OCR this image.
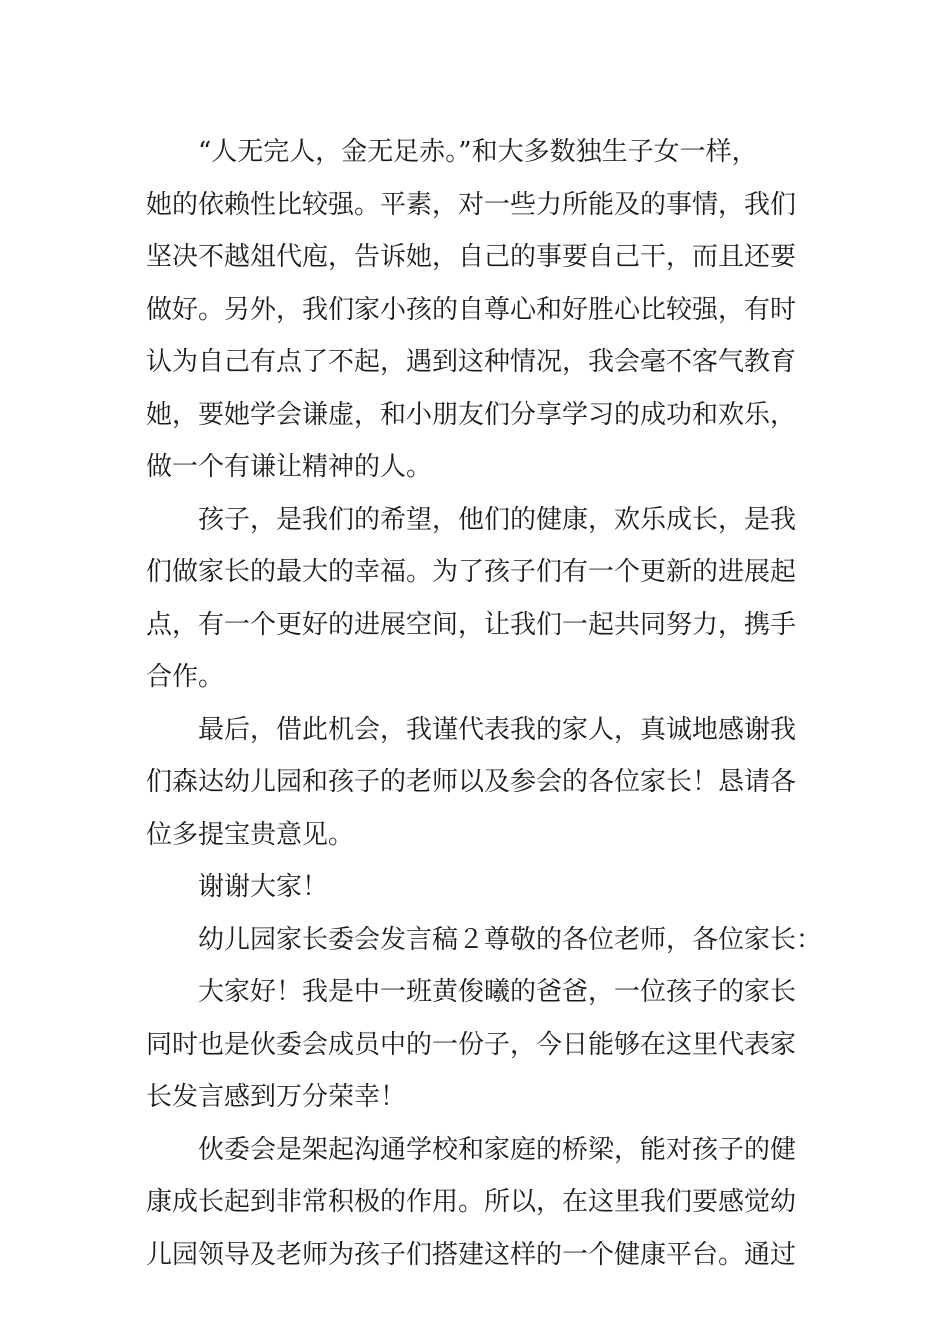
“人无完人，金无足赤。”和大多数独生子女一样，
她的依赖性比较强。平素，对一些力所能及的事情，我们
坚决不越俎代庖，告诉她，自己的事要自己干，而且还要
做好。另外，我们家小孩的自尊心和好胜心比较强，有时
认为自己有点了不起，遇到这种情况，我会毫不客气教育
她，要她学会谦虚，和小朋友们分享学习的成功和欢乐，
做一个有谦让精神的人。

孩子，是我们的希望，他们的健康，欢乐成长，是我
们做家长的最大的幸福。为了孩子们有一个更新的进展起
点，有一个更好的进展空间，让我们一起共同努力，携手
合作。

最后，借此机会，我谨代表我的家人，真诚地感谢我
们森达幼儿园和孩子的老师以及参会的各位家长！恳请各
位多提宝贵意见。

谢谢大家！

幼儿园家长委会发言稿２尊敬的各位老师，各位家长：

大家好！我是中一班黄俊曦的爸爸，一位孩子的家长
同时也是伙委会成员中的一份子，今日能够在这里代表家
长发言感到万分荣幸！

伙委会是架起沟通学校和家庭的桥梁，能对孩子的健
康成长起到非常积极的作用。所以，在这里我们要感觉幼
儿园领导及老师为孩子们搭建这样的一个健康平台。通过
